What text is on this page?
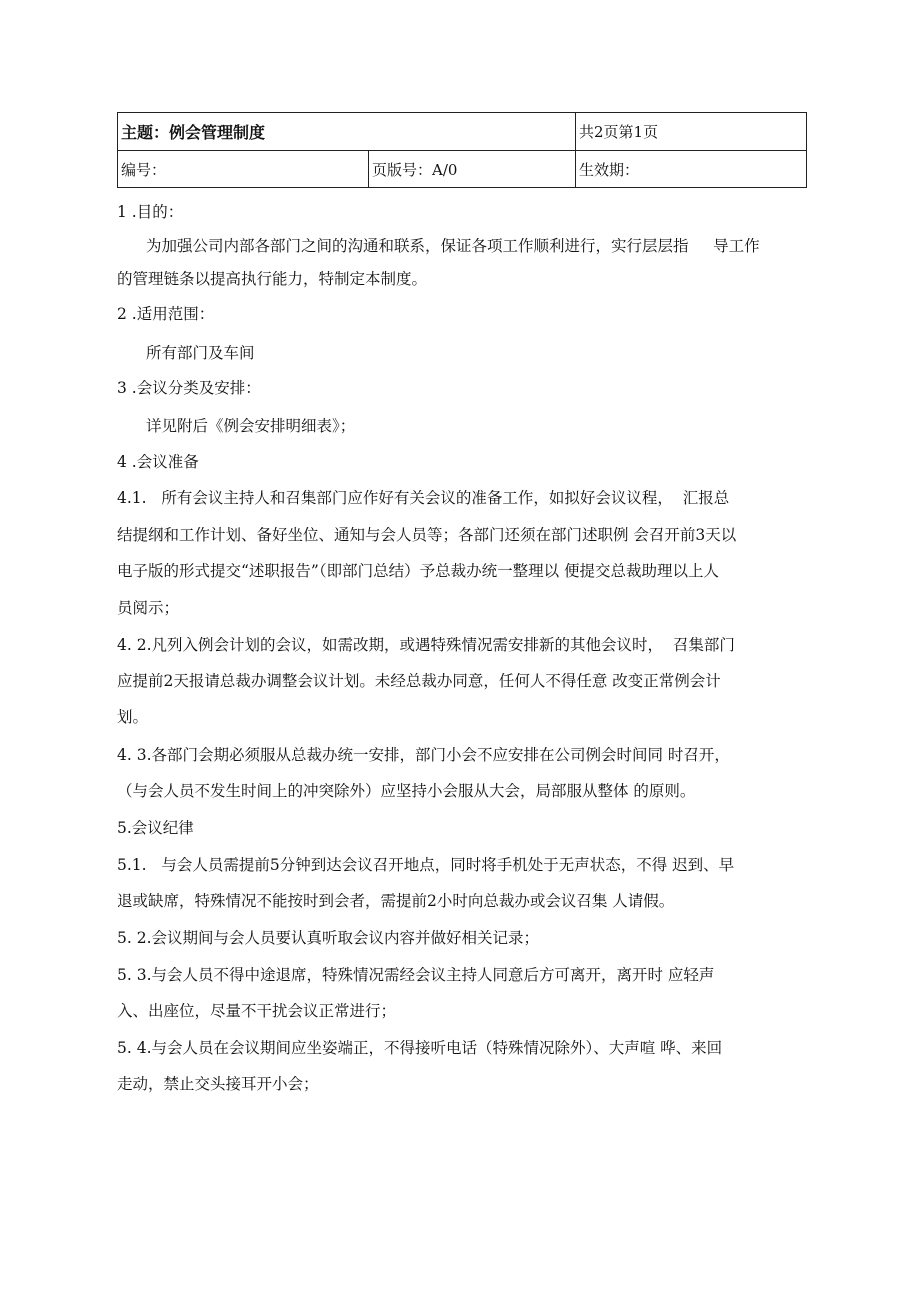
主题：例会管理制度		共2页第1页
编号：	页版号：A/0	生效期：
1 .目的：
为加强公司内部各部门之间的沟通和联系，保证各项工作顺利进行，实行层层指     导工作
的管理链条以提高执行能力，特制定本制度。
2 .适用范围：
所有部门及车间
3 .会议分类及安排：
详见附后《例会安排明细表》；
4 .会议准备
4.1.   所有会议主持人和召集部门应作好有关会议的准备工作，如拟好会议议程，  汇报总
结提纲和工作计划、备好坐位、通知与会人员等；各部门还须在部门述职例 会召开前3天以
电子版的形式提交“述职报告”（即部门总结）予总裁办统一整理以 便提交总裁助理以上人
员阅示；
4. 2.凡列入例会计划的会议，如需改期，或遇特殊情况需安排新的其他会议时，  召集部门
应提前2天报请总裁办调整会议计划。未经总裁办同意，任何人不得任意 改变正常例会计
划。
4. 3.各部门会期必须服从总裁办统一安排，部门小会不应安排在公司例会时间同 时召开，
（与会人员不发生时间上的冲突除外）应坚持小会服从大会，局部服从整体 的原则。
5.会议纪律
5.1.   与会人员需提前5分钟到达会议召开地点，同时将手机处于无声状态，不得 迟到、早
退或缺席，特殊情况不能按时到会者，需提前2小时向总裁办或会议召集 人请假。
5. 2.会议期间与会人员要认真听取会议内容并做好相关记录；
5. 3.与会人员不得中途退席，特殊情况需经会议主持人同意后方可离开，离开时 应轻声
入、出座位，尽量不干扰会议正常进行；
5. 4.与会人员在会议期间应坐姿端正，不得接听电话（特殊情况除外）、大声喧 哗、来回
走动，禁止交头接耳开小会；
